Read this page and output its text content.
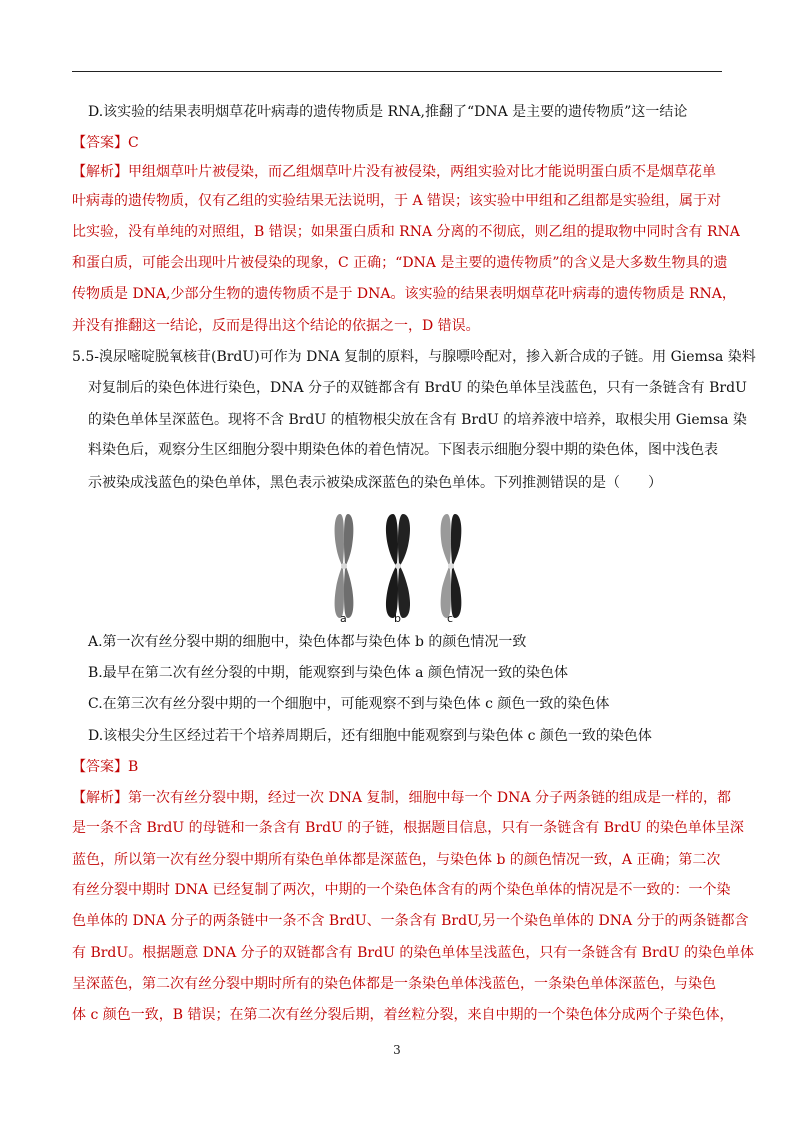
D.该实验的结果表明烟草花叶病毒的遗传物质是 RNA,推翻了“DNA 是主要的遗传物质”这一结论
【答案】C
【解析】甲组烟草叶片被侵染，而乙组烟草叶片没有被侵染，两组实验对比才能说明蛋白质不是烟草花单
叶病毒的遗传物质，仅有乙组的实验结果无法说明，于 A 错误；该实验中甲组和乙组都是实验组，属于对
比实验，没有单纯的对照组，B 错误；如果蛋白质和 RNA 分离的不彻底，则乙组的提取物中同时含有 RNA
和蛋白质，可能会出现叶片被侵染的现象，C 正确；“DNA 是主要的遗传物质”的含义是大多数生物具的遗
传物质是 DNA,少部分生物的遗传物质不是于 DNA。该实验的结果表明烟草花叶病毒的遗传物质是 RNA，
并没有推翻这一结论，反而是得出这个结论的依据之一，D 错误。
5.5-溴尿嘧啶脱氧核苷(BrdU)可作为 DNA 复制的原料，与腺嘌呤配对，掺入新合成的子链。用 Giemsa 染料
对复制后的染色体进行染色，DNA 分子的双链都含有 BrdU 的染色单体呈浅蓝色，只有一条链含有 BrdU
的染色单体呈深蓝色。现将不含 BrdU 的植物根尖放在含有 BrdU 的培养液中培养，取根尖用 Giemsa 染
料染色后，观察分生区细胞分裂中期染色体的着色情况。下图表示细胞分裂中期的染色体，图中浅色表
示被染成浅蓝色的染色单体，黑色表示被染成深蓝色的染色单体。下列推测错误的是（　　）
A.第一次有丝分裂中期的细胞中，染色体都与染色体 b 的颜色情况一致
B.最早在第二次有丝分裂的中期，能观察到与染色体 a 颜色情况一致的染色体
C.在第三次有丝分裂中期的一个细胞中，可能观察不到与染色体 c 颜色一致的染色体
D.该根尖分生区经过若干个培养周期后，还有细胞中能观察到与染色体 c 颜色一致的染色体
【答案】B
【解析】第一次有丝分裂中期，经过一次 DNA 复制，细胞中每一个 DNA 分子两条链的组成是一样的，都
是一条不含 BrdU 的母链和一条含有 BrdU 的子链，根据题目信息，只有一条链含有 BrdU 的染色单体呈深
蓝色，所以第一次有丝分裂中期所有染色单体都是深蓝色，与染色体 b 的颜色情况一致，A 正确；第二次
有丝分裂中期时 DNA 已经复制了两次，中期的一个染色体含有的两个染色单体的情况是不一致的：一个染
色单体的 DNA 分子的两条链中一条不含 BrdU、一条含有 BrdU,另一个染色单体的 DNA 分于的两条链都含
有 BrdU。根据题意 DNA 分子的双链都含有 BrdU 的染色单体呈浅蓝色，只有一条链含有 BrdU 的染色单体
呈深蓝色，第二次有丝分裂中期时所有的染色体都是一条染色单体浅蓝色，一条染色单体深蓝色，与染色
体 c 颜色一致，B 错误；在第二次有丝分裂后期，着丝粒分裂，来自中期的一个染色体分成两个子染色体，
a	b	c
3
